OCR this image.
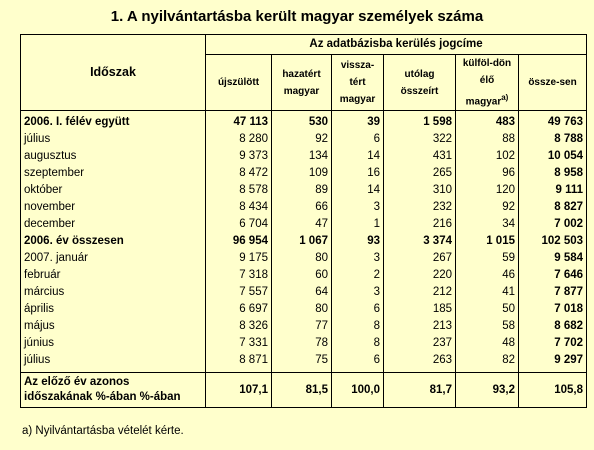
1. A nyilvántartásba került magyar személyek száma
Időszak	Az adatbázisba kerülés jogcíme					
	újszülött	hazatért magyar	vissza-tért magyar	utólag összeírt	külföl-dön élő magyar$^{a)}$	össze-sen
2006. I. félév együtt	47 113	530	39	1 598	483	49 763
július	8 280	92	6	322	88	8 788
augusztus	9 373	134	14	431	102	10 054
szeptember	8 472	109	16	265	96	8 958
október	8 578	89	14	310	120	9 111
november	8 434	66	3	232	92	8 827
december	6 704	47	1	216	34	7 002
2006. év összesen	96 954	1 067	93	3 374	1 015	102 503
2007. január	9 175	80	3	267	59	9 584
február	7 318	60	2	220	46	7 646
március	7 557	64	3	212	41	7 877
április	6 697	80	6	185	50	7 018
május	8 326	77	8	213	58	8 682
június	7 331	78	8	237	48	7 702
július	8 871	75	6	263	82	9 297

Az előző év azonos
időszakának %-ában %-ában	107,1	81,5	100,0	81,7	93,2	105,8
a) Nyilvántartásba vételét kérte.
